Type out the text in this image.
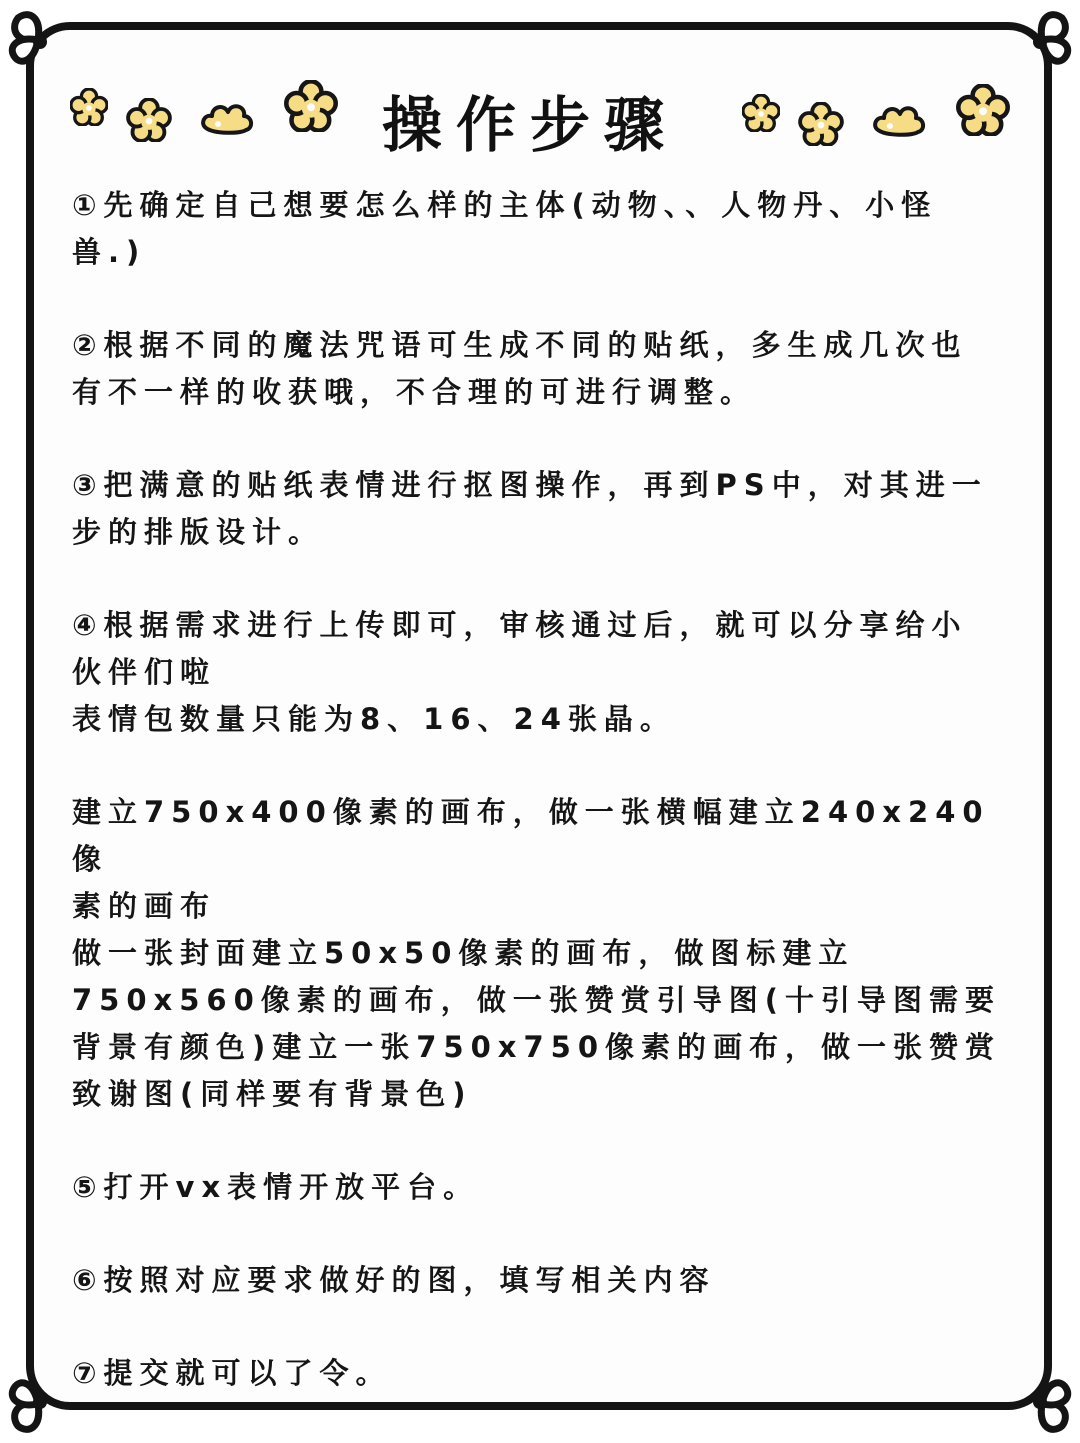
操作步骤

①先确定自己想要怎么样的主体(动物、、人物丹、小怪
兽.)

②根据不同的魔法咒语可生成不同的贴纸，多生成几次也
有不一样的收获哦，不合理的可进行调整。

③把满意的贴纸表情进行抠图操作，再到PS中，对其进一
步的排版设计。

④根据需求进行上传即可，审核通过后，就可以分享给小
伙伴们啦
表情包数量只能为8、16、24张晶。

建立750x400像素的画布，做一张横幅建立240x240像
素的画布
做一张封面建立50x50像素的画布，做图标建立
750x560像素的画布，做一张赞赏引导图(十引导图需要
背景有颜色)建立一张750x750像素的画布，做一张赞赏
致谢图(同样要有背景色)

⑤打开vx表情开放平台。

⑥按照对应要求做好的图，填写相关内容

⑦提交就可以了令。
